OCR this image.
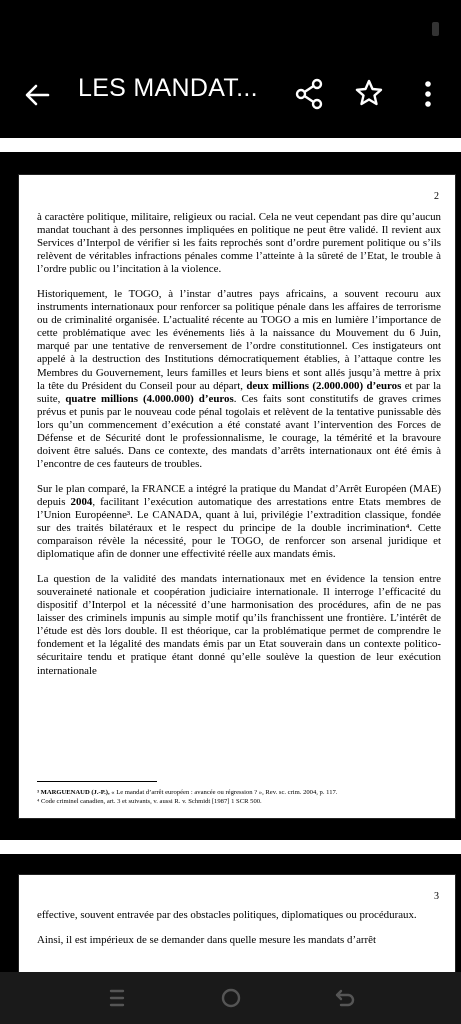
LES MANDAT...
2

à caractère politique, militaire, religieux ou racial. Cela ne veut cependant pas dire qu’aucun mandat touchant à des personnes impliquées en politique ne peut être validé. Il revient aux Services d’Interpol de vérifier si les faits reprochés sont d’ordre purement politique ou s’ils relèvent de véritables infractions pénales comme l’atteinte à la sûreté de l’Etat, le trouble à l’ordre public ou l’incitation à la violence.

Historiquement, le TOGO, à l’instar d’autres pays africains, a souvent recouru aux instruments internationaux pour renforcer sa politique pénale dans les affaires de terrorisme ou de criminalité organisée. L’actualité récente au TOGO a mis en lumière l’importance de cette problématique avec les événements liés à la naissance du Mouvement du 6 Juin, marqué par une tentative de renversement de l’ordre constitutionnel. Ces instigateurs ont appelé à la destruction des Institutions démocratiquement établies, à l’attaque contre les Membres du Gouvernement, leurs familles et leurs biens et sont allés jusqu’à mettre à prix la tête du Président du Conseil pour au départ, deux millions (2.000.000) d’euros et par la suite, quatre millions (4.000.000) d’euros. Ces faits sont constitutifs de graves crimes prévus et punis par le nouveau code pénal togolais et relèvent de la tentative punissable dès lors qu’un commencement d’exécution a été constaté avant l’intervention des Forces de Défense et de Sécurité dont le professionnalisme, le courage, la témérité et la bravoure doivent être salués. Dans ce contexte, des mandats d’arrêts internationaux ont été émis à l’encontre de ces fauteurs de troubles.

Sur le plan comparé, la FRANCE a intégré la pratique du Mandat d’Arrêt Européen (MAE) depuis 2004, facilitant l’exécution automatique des arrestations entre Etats membres de l’Union Européenne³. Le CANADA, quant à lui, privilégie l’extradition classique, fondée sur des traités bilatéraux et le respect du principe de la double incrimination⁴. Cette comparaison révèle la nécessité, pour le TOGO, de renforcer son arsenal juridique et diplomatique afin de donner une effectivité réelle aux mandats émis.

La question de la validité des mandats internationaux met en évidence la tension entre souveraineté nationale et coopération judiciaire internationale. Il interroge l’efficacité du dispositif d’Interpol et la nécessité d’une harmonisation des procédures, afin de ne pas laisser des criminels impunis au simple motif qu’ils franchissent une frontière. L’intérêt de l’étude est dès lors double. Il est théorique, car la problématique permet de comprendre le fondement et la légalité des mandats émis par un Etat souverain dans un contexte politico-sécuritaire tendu et pratique étant donné qu’elle soulève la question de leur exécution internationale

³ MARGUENAUD (J.-P.), « Le mandat d’arrêt européen : avancée ou régression ? », Rev. sc. crim. 2004, p. 117.
⁴ Code criminel canadien, art. 3 et suivants, v. aussi R. v. Schmidt [1987] 1 SCR 500.
3

effective, souvent entravée par des obstacles politiques, diplomatiques ou procéduraux.

Ainsi, il est impérieux de se demander dans quelle mesure les mandats d’arrêt
